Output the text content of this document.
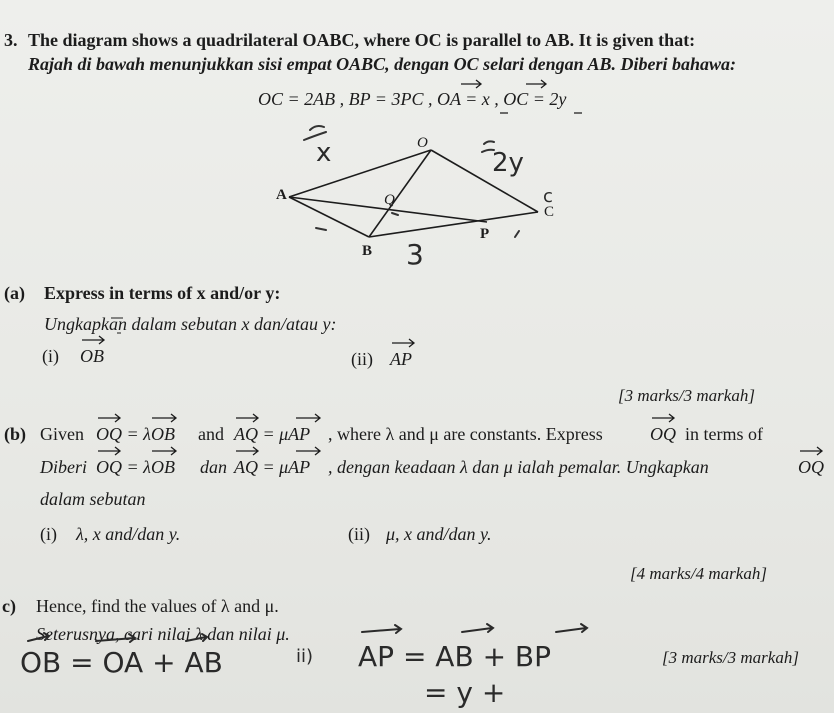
3. The diagram shows a quadrilateral OABC, where OC is parallel to AB. It is given that:
Rajah di bawah menunjukkan sisi empat OABC, dengan OC selari dengan AB. Diberi bahawa:
OC = 2AB , BP = 3PC , OA = x , OC = 2y
O
A
B
C
P
Q
x	2y
c
3
(a) Express in terms of x and/or y:
Ungkapkan dalam sebutan x dan/atau y:
(i) OB	(ii) AP
[3 marks/3 markah]
(b) Given OQ = λOB and AQ = μAP , where λ and μ are constants. Express	OQ in terms of
Diberi OQ = λOB dan AQ = μAP , dengan keadaan λ dan μ ialah pemalar. Ungkapkan	OQ
dalam sebutan
(i) λ, x and/dan y.	(ii) μ, x and/dan y.
[4 marks/4 markah]
c) Hence, find the values of λ and μ.
Seterusnya, cari nilai λ dan nilai μ.
[3 marks/3 markah]
OB = OA + AB	ii) AP = AB + BP
= y +
